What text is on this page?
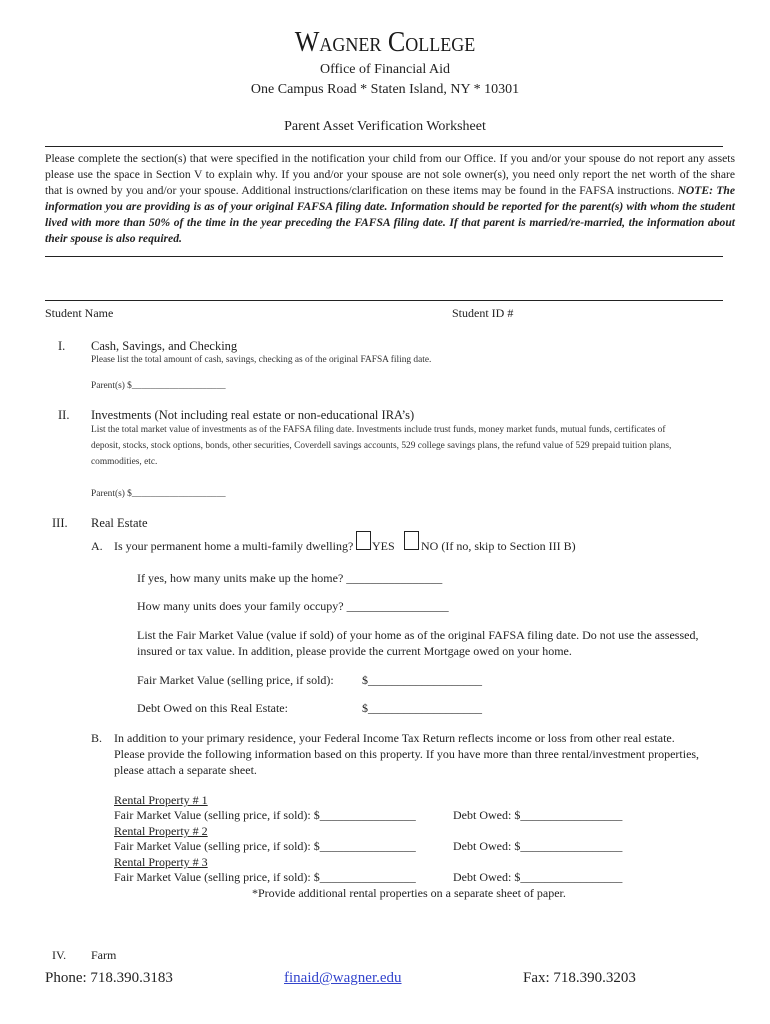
Wagner College
Office of Financial Aid
One Campus Road * Staten Island, NY * 10301
Parent Asset Verification Worksheet
Please complete the section(s) that were specified in the notification your child from our Office. If you and/or your spouse do not report any assets please use the space in Section V to explain why. If you and/or your spouse are not sole owner(s), you need only report the net worth of the share that is owned by you and/or your spouse. Additional instructions/clarification on these items may be found in the FAFSA instructions. NOTE: The information you are providing is as of your original FAFSA filing date. Information should be reported for the parent(s) with whom the student lived with more than 50% of the time in the year preceding the FAFSA filing date. If that parent is married/re-married, the information about their spouse is also required.
Student Name	Student ID #
I. Cash, Savings, and Checking
Please list the total amount of cash, savings, checking as of the original FAFSA filing date.
Parent(s) $____________________
II. Investments (Not including real estate or non-educational IRA’s)
List the total market value of investments as of the FAFSA filing date. Investments include trust funds, money market funds, mutual funds, certificates of
deposit, stocks, stock options, bonds, other securities, Coverdell savings accounts, 529 college savings plans, the refund value of 529 prepaid tuition plans,
commodities, etc.
Parent(s) $____________________
III. Real Estate
A. Is your permanent home a multi-family dwelling? YES NO (If no, skip to Section III B)
If yes, how many units make up the home? ________________
How many units does your family occupy? _________________
List the Fair Market Value (value if sold) of your home as of the original FAFSA filing date. Do not use the assessed,
insured or tax value. In addition, please provide the current Mortgage owed on your home.
Fair Market Value (selling price, if sold): $___________________
Debt Owed on this Real Estate:	$___________________
B. In addition to your primary residence, your Federal Income Tax Return reflects income or loss from other real estate.
Please provide the following information based on this property. If you have more than three rental/investment properties,
please attach a separate sheet.
Rental Property # 1
Fair Market Value (selling price, if sold): $________________	Debt Owed: $_________________
Rental Property # 2
Fair Market Value (selling price, if sold): $________________	Debt Owed: $_________________
Rental Property # 3
Fair Market Value (selling price, if sold): $________________	Debt Owed: $_________________
*Provide additional rental properties on a separate sheet of paper.
IV. Farm
Phone: 718.390.3183	finaid@wagner.edu	Fax: 718.390.3203
